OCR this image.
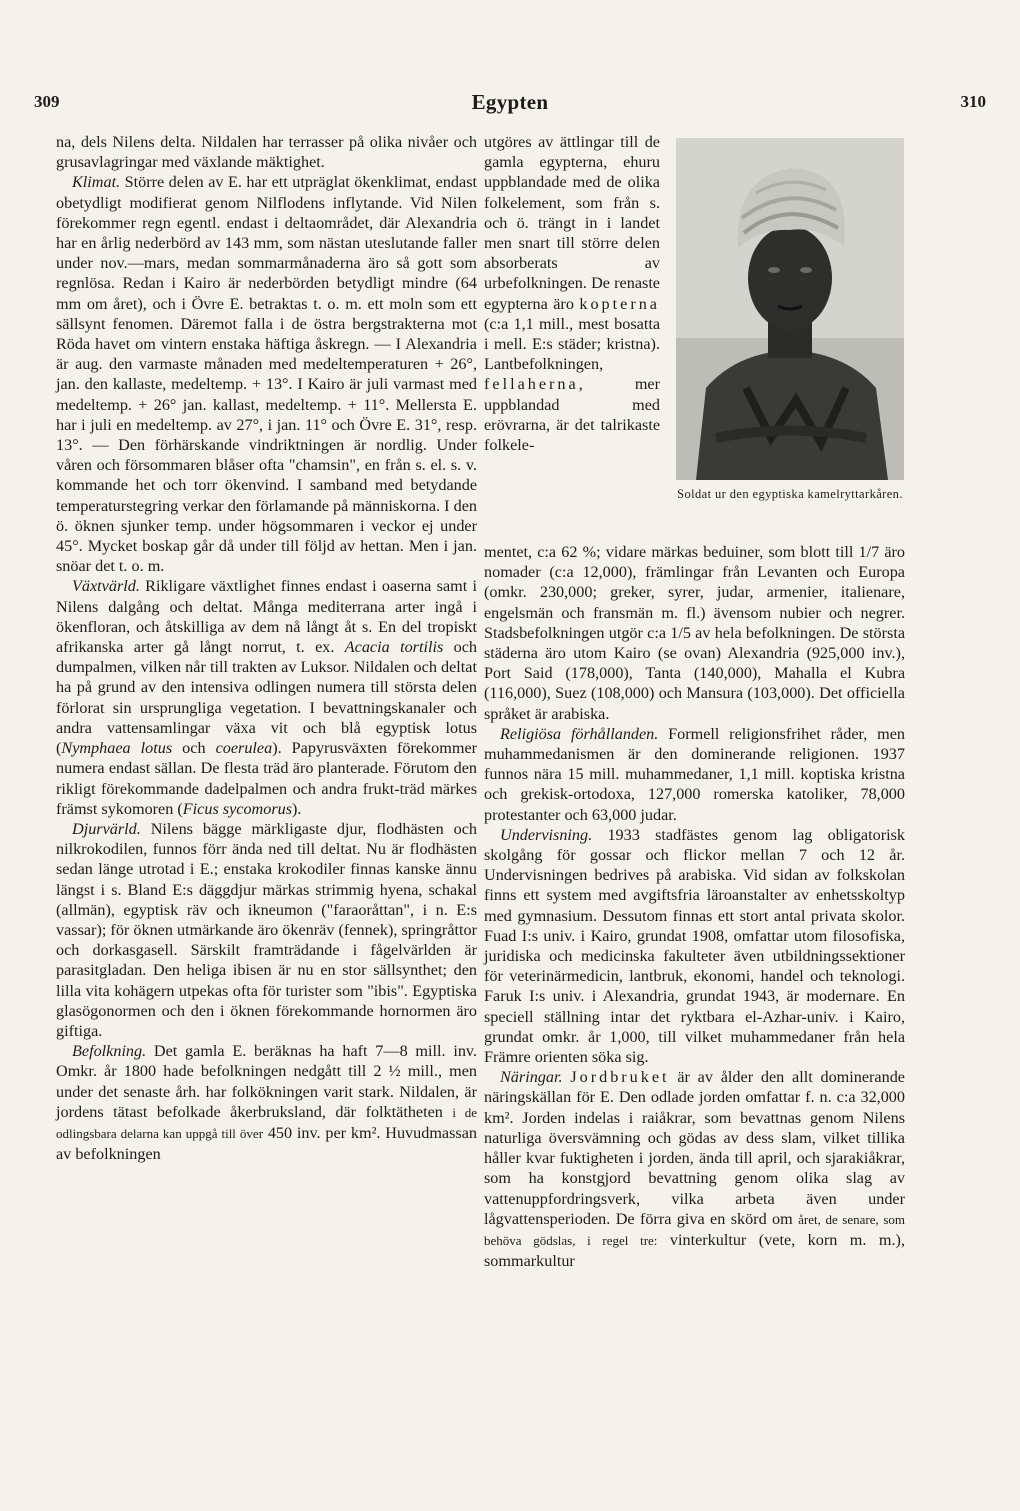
309	Egypten	310

na, dels Nilens delta. Nildalen har terrasser på olika nivåer och grusavlagringar med växlande mäktighet.

Klimat. Större delen av E. har ett utpräglat ökenklimat, endast obetydligt modifierat genom Nilflodens inflytande. Vid Nilen förekommer regn egentl. endast i deltaområdet, där Alexandria har en årlig nederbörd av 143 mm, som nästan uteslutande faller under nov.—mars, medan sommarmånaderna äro så gott som regnlösa. Redan i Kairo är nederbörden betydligt mindre (64 mm om året), och i Övre E. betraktas t. o. m. ett moln som ett sällsynt fenomen. Däremot falla i de östra bergstrakterna mot Röda havet om vintern enstaka häftiga åskregn. — I Alexandria är aug. den varmaste månaden med medeltemperaturen + 26°, jan. den kallaste, medeltemp. + 13°. I Kairo är juli varmast med medeltemp. + 26° jan. kallast, medeltemp. + 11°. Mellersta E. har i juli en medeltemp. av 27°, i jan. 11° och Övre E. 31°, resp. 13°. — Den förhärskande vindriktningen är nordlig. Under våren och försommaren blåser ofta "chamsin", en från s. el. s. v. kommande het och torr ökenvind. I samband med betydande temperaturstegring verkar den förlamande på människorna. I den ö. öknen sjunker temp. under högsommaren i veckor ej under 45°. Mycket boskap går då under till följd av hettan. Men i jan. snöar det t. o. m.

Växtvärld. Rikligare växtlighet finnes endast i oaserna samt i Nilens dalgång och deltat. Många mediterrana arter ingå i ökenfloran, och åtskilliga av dem nå långt åt s. En del tropiskt afrikanska arter gå långt norrut, t. ex. Acacia tortilis och dumpalmen, vilken når till trakten av Luksor. Nildalen och deltat ha på grund av den intensiva odlingen numera till största delen förlorat sin ursprungliga vegetation. I bevattningskanaler och andra vattensamlingar växa vit och blå egyptisk lotus (Nymphaea lotus och coerulea). Papyrusväxten förekommer numera endast sällan. De flesta träd äro planterade. Förutom den rikligt förekommande dadelpalmen och andra frukt-träd märkes främst sykomoren (Ficus sycomorus).

Djurvärld. Nilens bägge märkligaste djur, flodhästen och nilkrokodilen, funnos förr ända ned till deltat. Nu är flodhästen sedan länge utrotad i E.; enstaka krokodiler finnas kanske ännu längst i s. Bland E:s däggdjur märkas strimmig hyena, schakal (allmän), egyptisk räv och ikneumon ("faraoråttan", i n. E:s vassar); för öknen utmärkande äro ökenräv (fennek), springråttor och dorkasgasell. Särskilt framträdande i fågelvärlden är parasitgladan. Den heliga ibisen är nu en stor sällsynthet; den lilla vita kohägern utpekas ofta för turister som "ibis". Egyptiska glasögonormen och den i öknen förekommande hornormen äro giftiga.

Befolkning. Det gamla E. beräknas ha haft 7—8 mill. inv. Omkr. år 1800 hade befolkningen nedgått till 2 ½ mill., men under det senaste årh. har folkökningen varit stark. Nildalen, är jordens tätast befolkade åkerbruksland, där folktätheten i de odlingsbara delarna kan uppgå till över 450 inv. per km². Huvudmassan av befolkningen

utgöres av ättlingar till de gamla egypterna, ehuru uppblandade med de olika folkelement, som från s. och ö. trängt in i landet men snart till större delen absorberats av urbefolkningen. De renaste egypterna äro kopterna (c:a 1,1 mill., mest bosatta i mell. E:s städer; kristna). Lantbefolkningen, fellaherna, mer uppblandad med erövrarna, är det talrikaste folkele-

Soldat ur den egyptiska kamelryttarkåren.

mentet, c:a 62 %; vidare märkas beduiner, som blott till 1/7 äro nomader (c:a 12,000), främlingar från Levanten och Europa (omkr. 230,000; greker, syrer, judar, armenier, italienare, engelsmän och fransmän m. fl.) ävensom nubier och negrer. Stadsbefolkningen utgör c:a 1/5 av hela befolkningen. De största städerna äro utom Kairo (se ovan) Alexandria (925,000 inv.), Port Said (178,000), Tanta (140,000), Mahalla el Kubra (116,000), Suez (108,000) och Mansura (103,000). Det officiella språket är arabiska.

Religiösa förhållanden. Formell religionsfrihet råder, men muhammedanismen är den dominerande religionen. 1937 funnos nära 15 mill. muhammedaner, 1,1 mill. koptiska kristna och grekisk-ortodoxa, 127,000 romerska katoliker, 78,000 protestanter och 63,000 judar.

Undervisning. 1933 stadfästes genom lag obligatorisk skolgång för gossar och flickor mellan 7 och 12 år. Undervisningen bedrives på arabiska. Vid sidan av folkskolan finns ett system med avgiftsfria läroanstalter av enhetsskoltyp med gymnasium. Dessutom finnas ett stort antal privata skolor. Fuad I:s univ. i Kairo, grundat 1908, omfattar utom filosofiska, juridiska och medicinska fakulteter även utbildningssektioner för veterinärmedicin, lantbruk, ekonomi, handel och teknologi. Faruk I:s univ. i Alexandria, grundat 1943, är modernare. En speciell ställning intar det ryktbara el-Azhar-univ. i Kairo, grundat omkr. år 1,000, till vilket muhammedaner från hela Främre orienten söka sig.

Näringar. Jordbruket är av ålder den allt dominerande näringskällan för E. Den odlade jorden omfattar f. n. c:a 32,000 km². Jorden indelas i raiåkrar, som bevattnas genom Nilens naturliga översvämning och gödas av dess slam, vilket tillika håller kvar fuktigheten i jorden, ända till april, och sjarakiåkrar, som ha konstgjord bevattning genom olika slag av vattenuppfordringsverk, vilka arbeta även under lågvattensperioden. De förra giva en skörd om året, de senare, som behöva gödslas, i regel tre: vinterkultur (vete, korn m. m.), sommarkultur
